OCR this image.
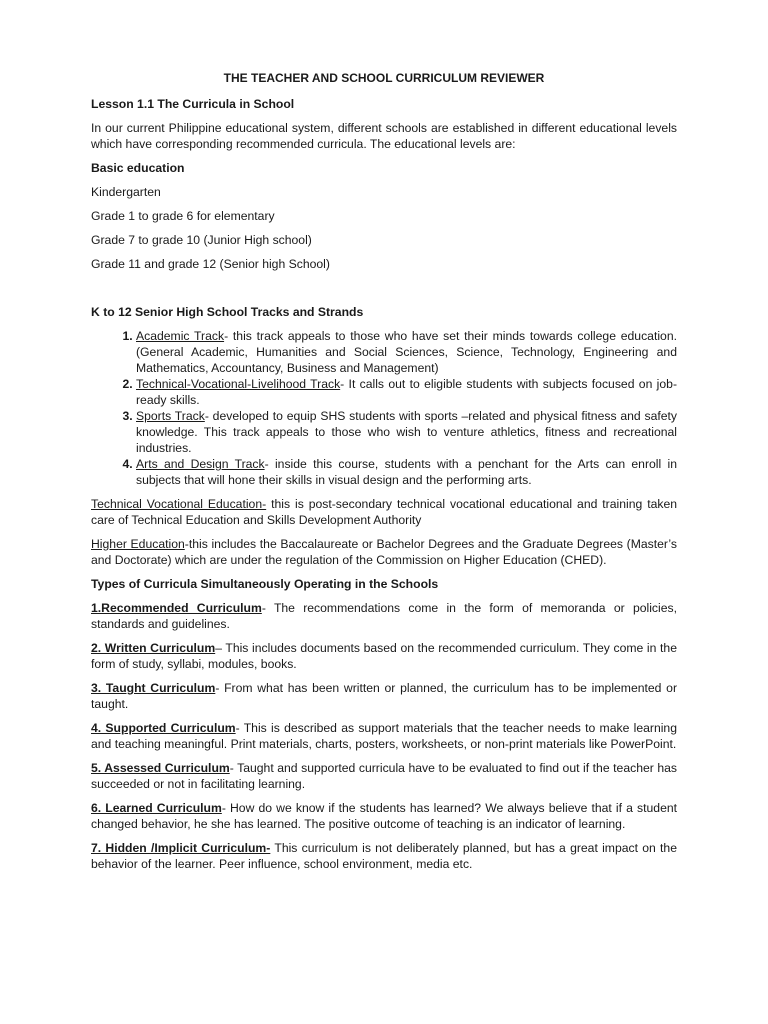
THE TEACHER AND SCHOOL CURRICULUM REVIEWER

Lesson 1.1 The Curricula in School

In our current Philippine educational system, different schools are established in different educational levels which have corresponding recommended curricula. The educational levels are:

Basic education

Kindergarten

Grade 1 to grade 6 for elementary

Grade 7 to grade 10 (Junior High school)

Grade 11 and grade 12 (Senior high School)

K to 12 Senior High School Tracks and Strands

1. Academic Track- this track appeals to those who have set their minds towards college education. (General Academic, Humanities and Social Sciences, Science, Technology, Engineering and Mathematics, Accountancy, Business and Management)
2. Technical-Vocational-Livelihood Track- It calls out to eligible students with subjects focused on job-ready skills.
3. Sports Track- developed to equip SHS students with sports –related and physical fitness and safety knowledge. This track appeals to those who wish to venture athletics, fitness and recreational industries.
4. Arts and Design Track- inside this course, students with a penchant for the Arts can enroll in subjects that will hone their skills in visual design and the performing arts.

Technical Vocational Education- this is post-secondary technical vocational educational and training taken care of Technical Education and Skills Development Authority

Higher Education-this includes the Baccalaureate or Bachelor Degrees and the Graduate Degrees (Master’s and Doctorate) which are under the regulation of the Commission on Higher Education (CHED).

Types of Curricula Simultaneously Operating in the Schools

1.Recommended Curriculum- The recommendations come in the form of memoranda or policies, standards and guidelines.

2. Written Curriculum– This includes documents based on the recommended curriculum. They come in the form of study, syllabi, modules, books.

3. Taught Curriculum- From what has been written or planned, the curriculum has to be implemented or taught.

4. Supported Curriculum- This is described as support materials that the teacher needs to make learning and teaching meaningful. Print materials, charts, posters, worksheets, or non-print materials like PowerPoint.

5. Assessed Curriculum- Taught and supported curricula have to be evaluated to find out if the teacher has succeeded or not in facilitating learning.

6. Learned Curriculum- How do we know if the students has learned? We always believe that if a student changed behavior, he she has learned. The positive outcome of teaching is an indicator of learning.

7. Hidden /Implicit Curriculum- This curriculum is not deliberately planned, but has a great impact on the behavior of the learner. Peer influence, school environment, media etc.
